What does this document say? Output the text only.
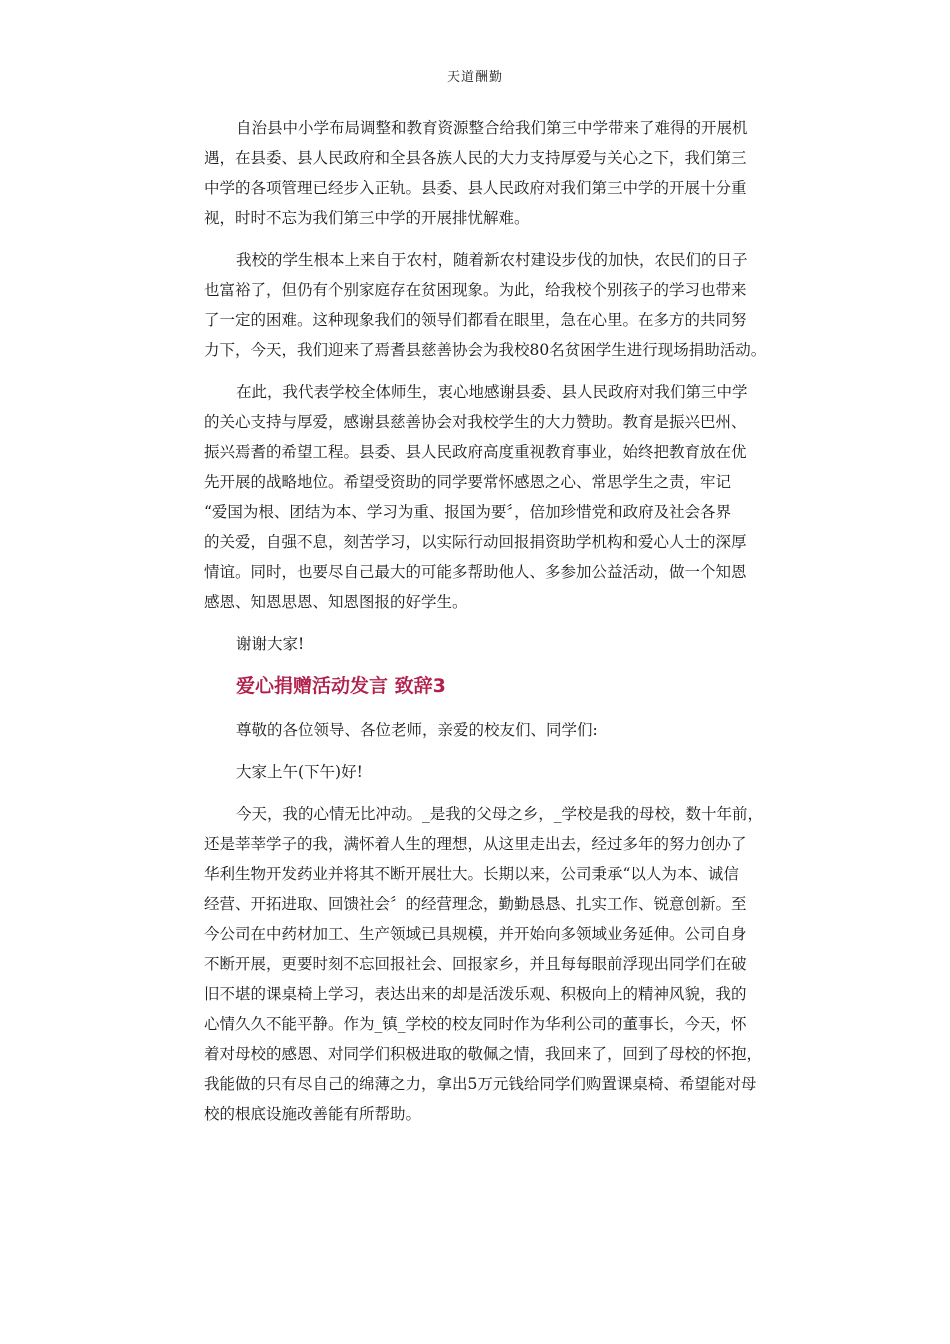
天道酬勤
自治县中小学布局调整和教育资源整合给我们第三中学带来了难得的开展机
遇，在县委、县人民政府和全县各族人民的大力支持厚爱与关心之下，我们第三
中学的各项管理已经步入正轨。县委、县人民政府对我们第三中学的开展十分重
视，时时不忘为我们第三中学的开展排忧解难。
我校的学生根本上来自于农村，随着新农村建设步伐的加快，农民们的日子
也富裕了，但仍有个别家庭存在贫困现象。为此，给我校个别孩子的学习也带来
了一定的困难。这种现象我们的领导们都看在眼里，急在心里。在多方的共同努
力下，今天，我们迎来了焉耆县慈善协会为我校80名贫困学生进行现场捐助活动。
在此，我代表学校全体师生，衷心地感谢县委、县人民政府对我们第三中学
的关心支持与厚爱，感谢县慈善协会对我校学生的大力赞助。教育是振兴巴州、
振兴焉耆的希望工程。县委、县人民政府高度重视教育事业，始终把教育放在优
先开展的战略地位。希望受资助的同学要常怀感恩之心、常思学生之责，牢记
“爱国为根、团结为本、学习为重、报国为要〞，倍加珍惜党和政府及社会各界
的关爱，自强不息，刻苦学习，以实际行动回报捐资助学机构和爱心人士的深厚
情谊。同时，也要尽自己最大的可能多帮助他人、多参加公益活动，做一个知恩
感恩、知恩思恩、知恩图报的好学生。
谢谢大家!
爱心捐赠活动发言 致辞3
尊敬的各位领导、各位老师，亲爱的校友们、同学们:
大家上午(下午)好!
今天，我的心情无比冲动。_是我的父母之乡，_学校是我的母校，数十年前，
还是莘莘学子的我，满怀着人生的理想，从这里走出去，经过多年的努力创办了
华利生物开发药业并将其不断开展壮大。长期以来，公司秉承“以人为本、诚信
经营、开拓进取、回馈社会〞的经营理念，勤勤恳恳、扎实工作、锐意创新。至
今公司在中药材加工、生产领域已具规模，并开始向多领域业务延伸。公司自身
不断开展，更要时刻不忘回报社会、回报家乡，并且每每眼前浮现出同学们在破
旧不堪的课桌椅上学习，表达出来的却是活泼乐观、积极向上的精神风貌，我的
心情久久不能平静。作为_镇_学校的校友同时作为华利公司的董事长，今天，怀
着对母校的感恩、对同学们积极进取的敬佩之情，我回来了，回到了母校的怀抱，
我能做的只有尽自己的绵薄之力，拿出5万元钱给同学们购置课桌椅、希望能对母
校的根底设施改善能有所帮助。
